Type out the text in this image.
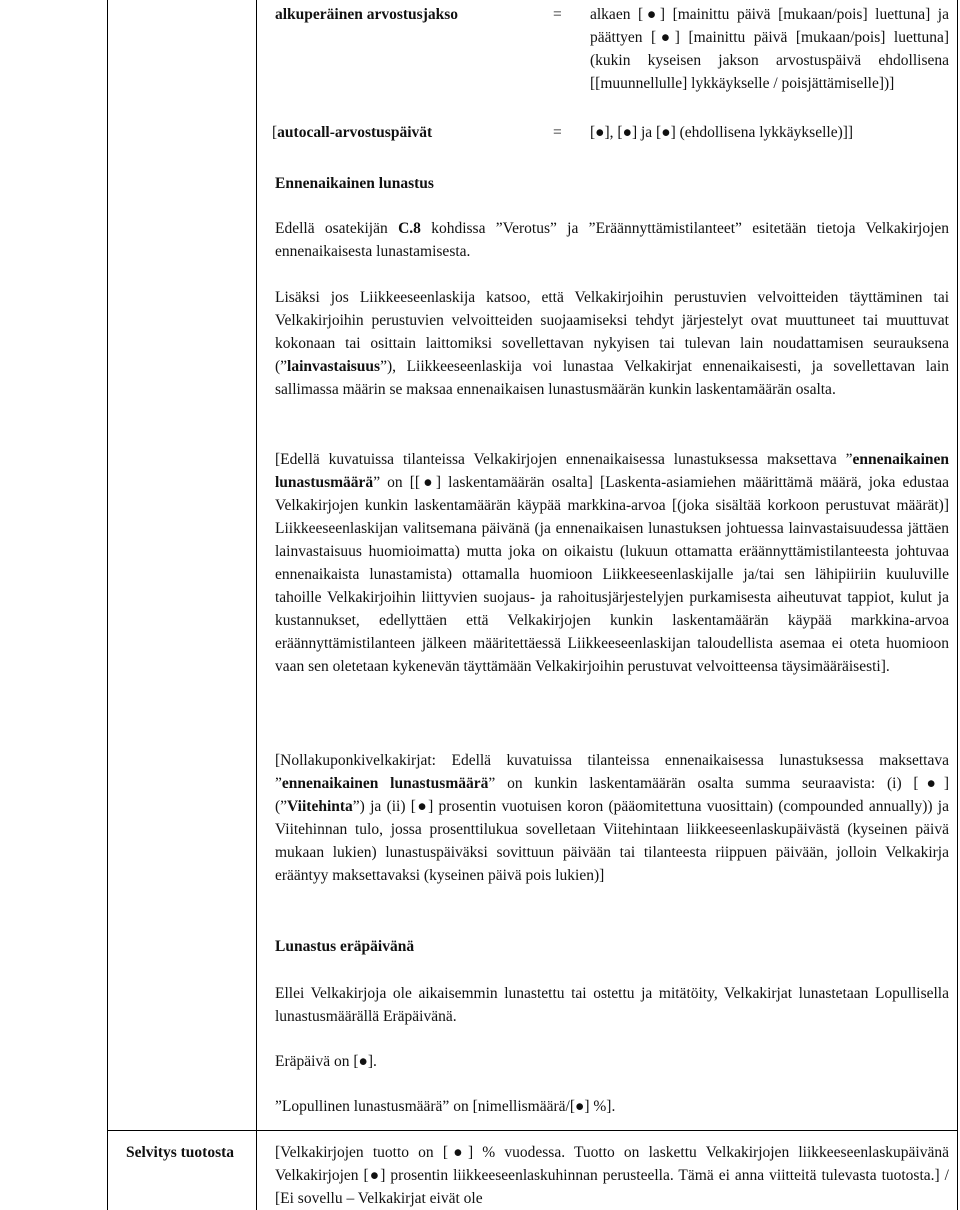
alkuperäinen arvostusjakso	= alkaen [●] [mainittu päivä [mukaan/pois] luettuna] ja päättyen [●] [mainittu päivä [mukaan/pois] luettuna] (kukin kyseisen jakson arvostuspäivä ehdollisena [[muunnellulle] lykkäykselle / poisjättämiselle])]
[autocall-arvostuspäivät	= [●], [●] ja [●] (ehdollisena lykkäykselle)]]
Ennenaikainen lunastus
Edellä osatekijän C.8 kohdissa ”Verotus” ja ”Eräännyttämistilanteet” esitetään tietoja Velkakirjojen ennenaikaisesta lunastamisesta.
Lisäksi jos Liikkeeseenlaskija katsoo, että Velkakirjoihin perustuvien velvoitteiden täyttäminen tai Velkakirjoihin perustuvien velvoitteiden suojaamiseksi tehdyt järjestelyt ovat muuttuneet tai muuttuvat kokonaan tai osittain laittomiksi sovellettavan nykyisen tai tulevan lain noudattamisen seurauksena (”lainvastaisuus”), Liikkeeseenlaskija voi lunastaa Velkakirjat ennenaikaisesti, ja sovellettavan lain sallimassa määrin se maksaa ennenaikaisen lunastusmäärän kunkin laskentamäärän osalta.
[Edellä kuvatuissa tilanteissa Velkakirjojen ennenaikaisessa lunastuksessa maksettava ”ennenaikainen lunastusmäärä” on [[●] laskentamäärän osalta] [Laskenta-asiamiehen määrittämä määrä, joka edustaa Velkakirjojen kunkin laskentamäärän käypää markkina-arvoa [(joka sisältää korkoon perustuvat määrät)] Liikkeeseenlaskijan valitsemana päivänä (ja ennenaikaisen lunastuksen johtuessa lainvastaisuudessa jättäen lainvastaisuus huomioimatta) mutta joka on oikaistu (lukuun ottamatta eräännyttämistilanteesta johtuvaa ennenaikaista lunastamista) ottamalla huomioon Liikkeeseenlaskijalle ja/tai sen lähipiiriin kuuluville tahoille Velkakirjoihin liittyvien suojaus- ja rahoitusjärjestelyjen purkamisesta aiheutuvat tappiot, kulut ja kustannukset, edellyttäen että Velkakirjojen kunkin laskentamäärän käypää markkina-arvoa eräännyttämistilanteen jälkeen määritettäessä Liikkeeseenlaskijan taloudellista asemaa ei oteta huomioon vaan sen oletetaan kykenevän täyttämään Velkakirjoihin perustuvat velvoitteensa täysimääräisesti].
[Nollakuponkivelkakirjat: Edellä kuvatuissa tilanteissa ennenaikaisessa lunastuksessa maksettava ”ennenaikainen lunastusmäärä” on kunkin laskentamäärän osalta summa seuraavista: (i) [●] (”Viitehinta”) ja (ii) [●] prosentin vuotuisen koron (pääomitettuna vuosittain) (compounded annually)) ja Viitehinnan tulo, jossa prosenttilukua sovelletaan Viitehintaan liikkeeseenlaskupäivästä (kyseinen päivä mukaan lukien) lunastuspäiväksi sovittuun päivään tai tilanteesta riippuen päivään, jolloin Velkakirja erääntyy maksettavaksi (kyseinen päivä pois lukien)]
Lunastus eräpäivänä
Ellei Velkakirjoja ole aikaisemmin lunastettu tai ostettu ja mitätöity, Velkakirjat lunastetaan Lopullisella lunastusmäärällä Eräpäivänä.
Eräpäivä on [●].
”Lopullinen lunastusmäärä” on [nimellismäärä/[●] %].
Selvitys tuotosta	[Velkakirjojen tuotto on [●] % vuodessa. Tuotto on laskettu Velkakirjojen liikkeeseenlaskupäivänä Velkakirjojen [●] prosentin liikkeeseenlaskuhinnan perusteella. Tämä ei anna viitteitä tulevasta tuotosta.] / [Ei sovellu – Velkakirjat eivät ole
